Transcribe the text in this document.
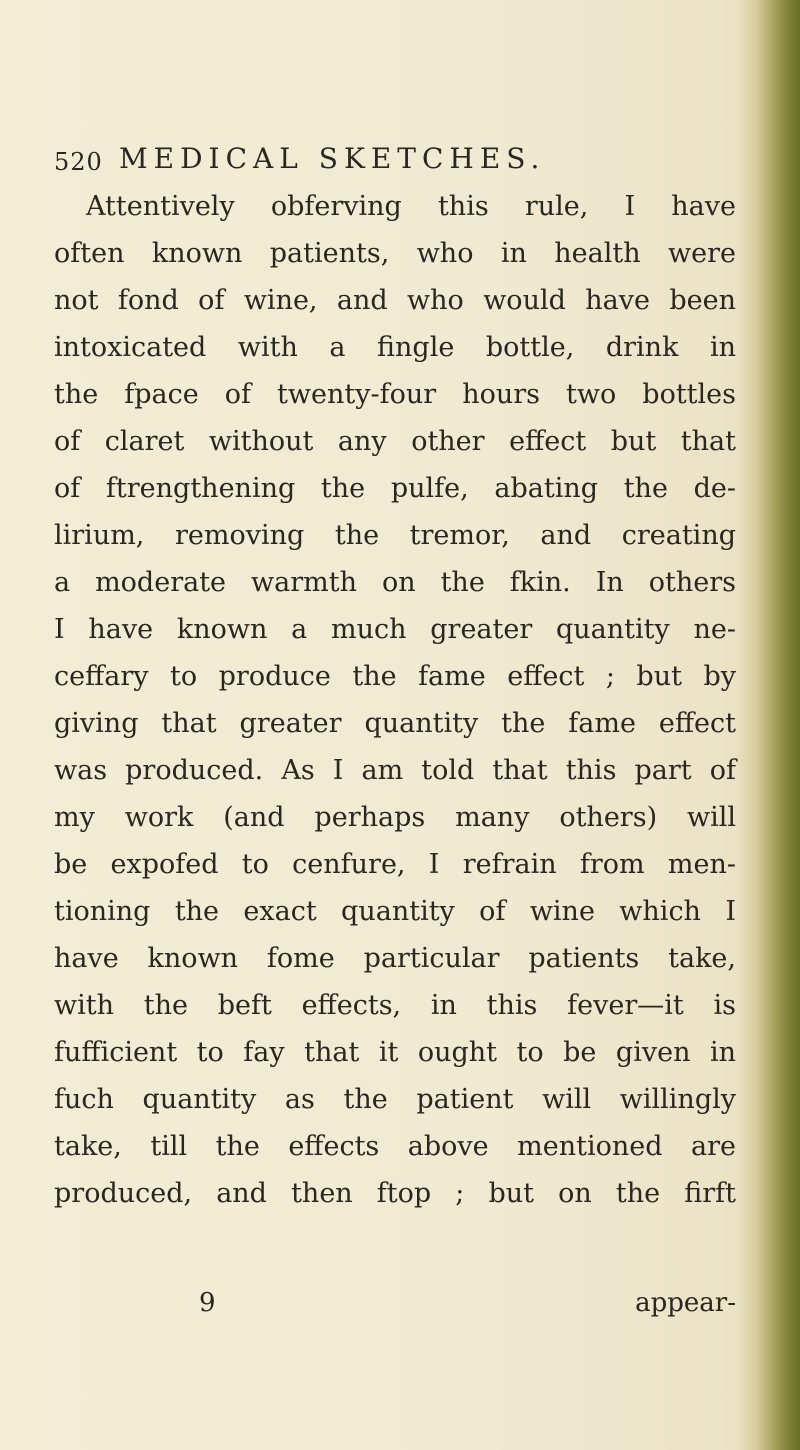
520 MEDICAL SKETCHES.
Attentively obferving this rule, I have
often known patients, who in health were
not fond of wine, and who would have been
intoxicated with a fingle bottle, drink in
the fpace of twenty-four hours two bottles
of claret without any other effect but that
of ftrengthening the pulfe, abating the de-
lirium, removing the tremor, and creating
a moderate warmth on the fkin. In others
I have known a much greater quantity ne-
ceffary to produce the fame effect ; but by
giving that greater quantity the fame effect
was produced. As I am told that this part of
my work (and perhaps many others) will
be expofed to cenfure, I refrain from men-
tioning the exact quantity of wine which I
have known fome particular patients take,
with the beft effects, in this fever—it is
fufficient to fay that it ought to be given in
fuch quantity as the patient will willingly
take, till the effects above mentioned are
produced, and then ftop ; but on the firft
9	appear-
